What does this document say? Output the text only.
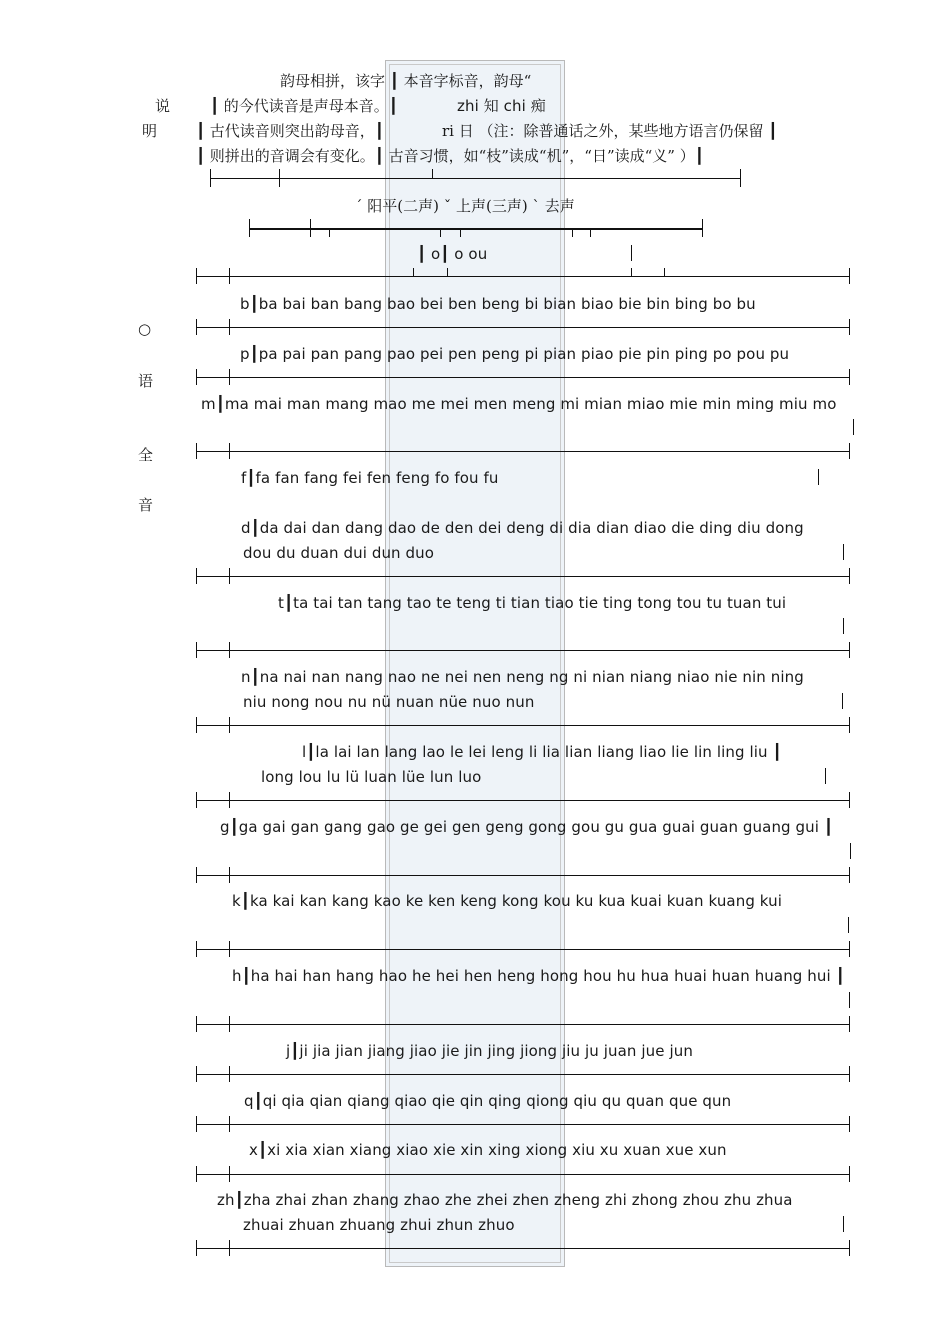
说
明
韵母相拼，该字 ┃ 本音字标音，韵母“
┃ 的今代读音是声母本音。┃	zhi 知 chi 痴
┃ 古代读音则突出韵母音，┃	ri 日 （注：除普通话之外，某些地方语言仍保留 ┃
┃ 则拼出的音调会有变化。┃ 古音习惯，如“枝”读成“机”，“日”读成“义” ）┃
ˊ 阳平(二声) ˇ 上声(三声) ˋ 去声
┃ o┃ o ou
○
语
全
音
b┃ba bai ban bang bao bei ben beng bi bian biao bie bin bing bo bu
p┃pa pai pan pang pao pei pen peng pi pian piao pie pin ping po pou pu
m┃ma mai man mang mao me mei men meng mi mian miao mie min ming miu mo
f┃fa fan fang fei fen feng fo fou fu
d┃da dai dan dang dao de den dei deng di dia dian diao die ding diu dong
dou du duan dui dun duo
t┃ta tai tan tang tao te teng ti tian tiao tie ting tong tou tu tuan tui
n┃na nai nan nang nao ne nei nen neng ng ni nian niang niao nie nin ning
niu nong nou nu nü nuan nüe nuo nun
l┃la lai lan lang lao le lei leng li lia lian liang liao lie lin ling liu ┃
long lou lu lü luan lüe lun luo
g┃ga gai gan gang gao ge gei gen geng gong gou gu gua guai guan guang gui ┃
k┃ka kai kan kang kao ke ken keng kong kou ku kua kuai kuan kuang kui
h┃ha hai han hang hao he hei hen heng hong hou hu hua huai huan huang hui ┃
j┃ji jia jian jiang jiao jie jin jing jiong jiu ju juan jue jun
q┃qi qia qian qiang qiao qie qin qing qiong qiu qu quan que qun
x┃xi xia xian xiang xiao xie xin xing xiong xiu xu xuan xue xun
zh┃zha zhai zhan zhang zhao zhe zhei zhen zheng zhi zhong zhou zhu zhua
zhuai zhuan zhuang zhui zhun zhuo
